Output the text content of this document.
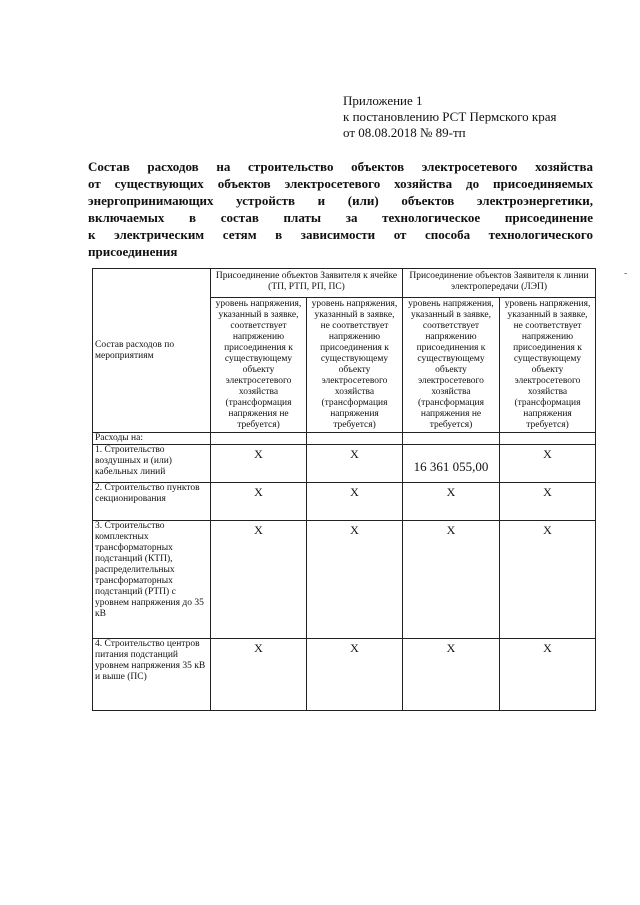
Приложение 1
к постановлению РСТ Пермского края
от 08.08.2018 № 89-тп
Состав расходов на строительство объектов электросетевого хозяйства
от существующих объектов электросетевого хозяйства до присоединяемых
энергопринимающих устройств и (или) объектов электроэнергетики,
включаемых в состав платы за технологическое присоединение
к электрическим сетям в зависимости от способа технологического
присоединения
Состав расходов по мероприятиям	Присоединение объектов Заявителя к ячейке (ТП, РТП, РП, ПС)		Присоединение объектов Заявителя к линии электропередачи (ЛЭП)	
	уровень напряжения, указанный в заявке, соответствует напряжению присоединения к существующему объекту электросетевого хозяйства (трансформация напряжения не требуется)	уровень напряжения, указанный в заявке, не соответствует напряжению присоединения к существующему объекту электросетевого хозяйства (трансформация напряжения требуется)	уровень напряжения, указанный в заявке, соответствует напряжению присоединения к существующему объекту электросетевого хозяйства (трансформация напряжения не требуется)	уровень напряжения, указанный в заявке, не соответствует напряжению присоединения к существующему объекту электросетевого хозяйства (трансформация напряжения требуется)
Расходы на:				
1. Строительство воздушных и (или) кабельных линий	X	X	16 361 055,00	X
2. Строительство пунктов секционирования	X	X	X	X
3. Строительство комплектных трансформаторных подстанций (КТП), распределительных трансформаторных подстанций (РТП) с уровнем напряжения до 35 кВ	X	X	X	X
4. Строительство центров питания подстанций уровнем напряжения 35 кВ и выше (ПС)	X	X	X	X
-
